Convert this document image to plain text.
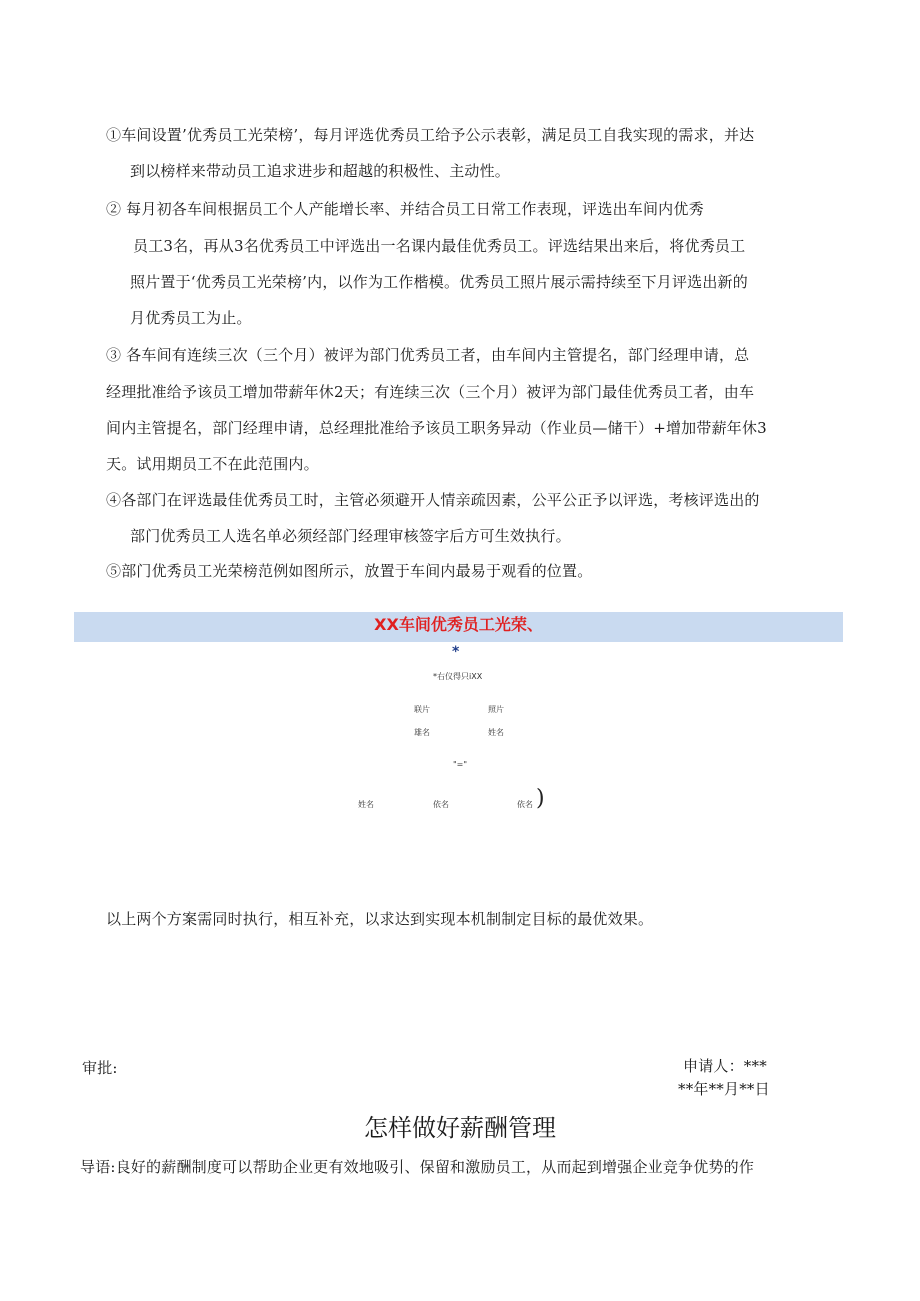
①车间设置’优秀员工光荣榜’，每月评选优秀员工给予公示表彰，满足员工自我实现的需求，并达
到以榜样来带动员工追求进步和超越的积极性、主动性。
② 每月初各车间根据员工个人产能增长率、并结合员工日常工作表现，评选出车间内优秀
员工3名，再从3名优秀员工中评选出一名课内最佳优秀员工。评选结果出来后，将优秀员工
照片置于‘优秀员工光荣榜’内，以作为工作楷模。优秀员工照片展示需持续至下月评选出新的
月优秀员工为止。
③ 各车间有连续三次（三个月）被评为部门优秀员工者，由车间内主管提名，部门经理申请，总
经理批准给予该员工增加带薪年休2天；有连续三次（三个月）被评为部门最佳优秀员工者，由车
间内主管提名，部门经理申请，总经理批准给予该员工职务异动（作业员—储干）+增加带薪年休3
天。试用期员工不在此范围内。
④各部门在评选最佳优秀员工时，主管必须避开人情亲疏因素，公平公正予以评选，考核评选出的
部门优秀员工人选名单必须经部门经理审核签字后方可生效执行。
⑤部门优秀员工光荣榜范例如图所示，放置于车间内最易于观看的位置。
XX车间优秀员工光荣、
*
*右仪得只iXX
联片	照片
雄名	姓名
"="
姓名	依名	依名 )
以上两个方案需同时执行，相互补充，以求达到实现本机制制定目标的最优效果。
审批:	申请人：***
**年**月**日
怎样做好薪酬管理
导语:良好的薪酬制度可以帮助企业更有效地吸引、保留和激励员工，从而起到增强企业竞争优势的作
